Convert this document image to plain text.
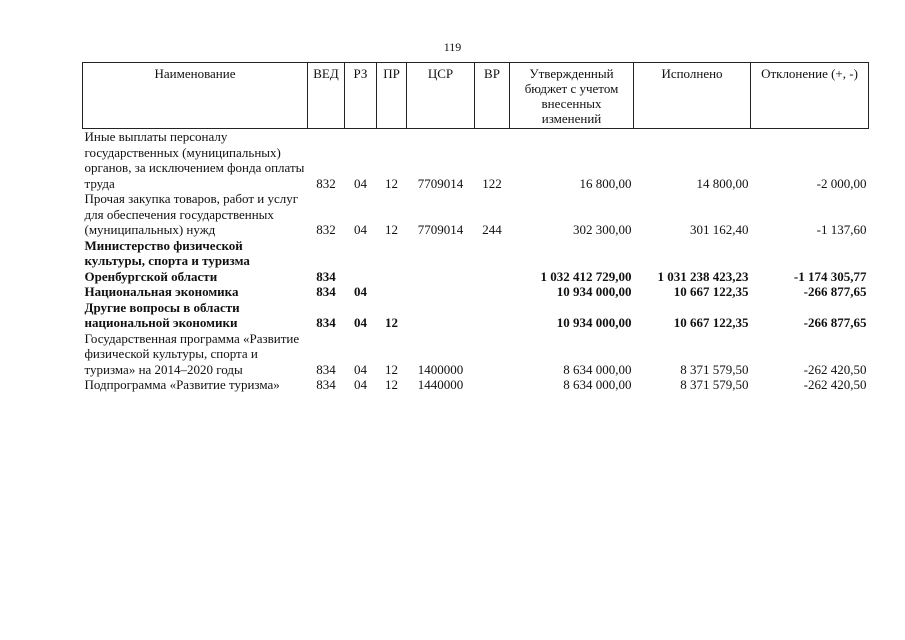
119
Наименование	ВЕД	РЗ	ПР	ЦСР	ВР	Утвержденный бюджет с учетом внесенных изменений	Исполнено	Отклонение (+, -)
Иные выплаты персоналу государственных (муниципальных) органов, за исключением фонда оплаты труда	832	04	12	7709014	122	16 800,00	14 800,00	-2 000,00
Прочая закупка товаров, работ и услуг для обеспечения государственных (муниципальных) нужд	832	04	12	7709014	244	302 300,00	301 162,40	-1 137,60
Министерство физической культуры, спорта и туризма Оренбургской области	834					1 032 412 729,00	1 031 238 423,23	-1 174 305,77
Национальная экономика	834	04				10 934 000,00	10 667 122,35	-266 877,65
Другие вопросы в области национальной экономики	834	04	12			10 934 000,00	10 667 122,35	-266 877,65
Государственная программа «Развитие физической культуры, спорта и туризма» на 2014–2020 годы	834	04	12	1400000		8 634 000,00	8 371 579,50	-262 420,50
Подпрограмма «Развитие туризма»	834	04	12	1440000		8 634 000,00	8 371 579,50	-262 420,50
